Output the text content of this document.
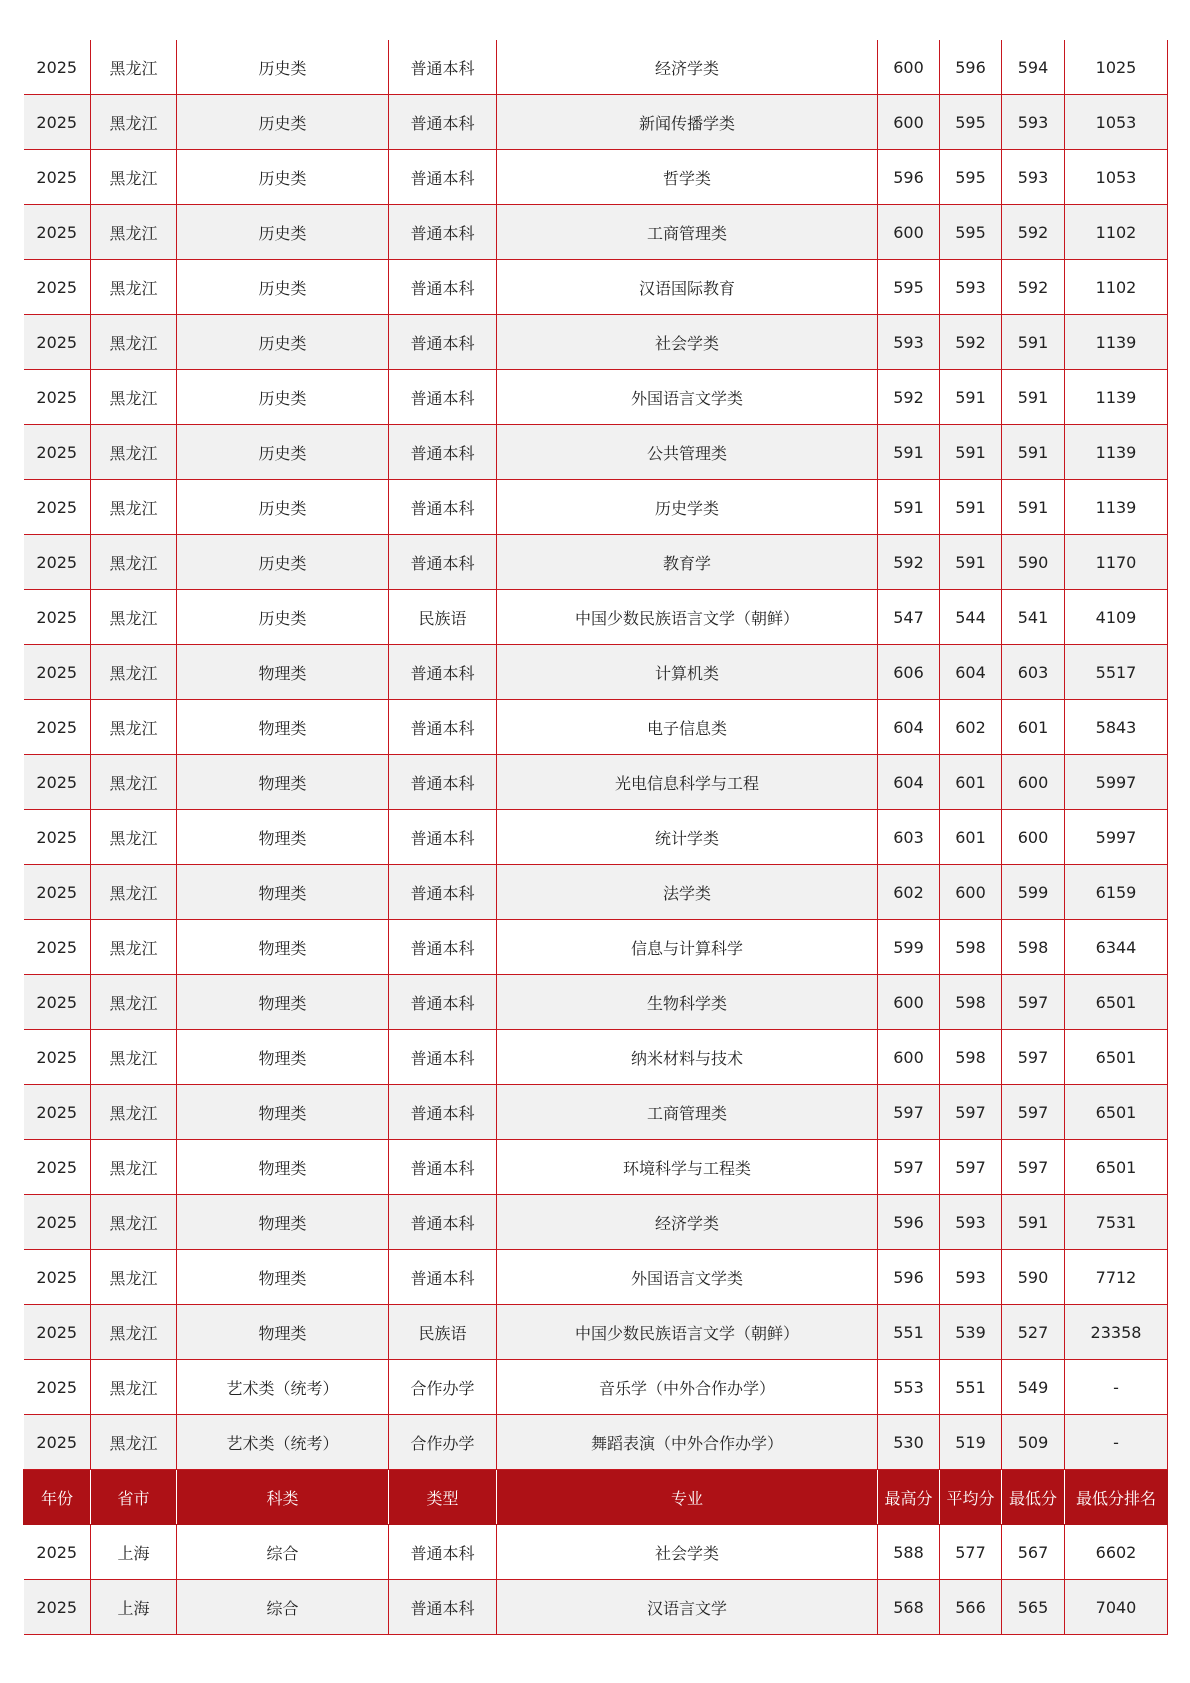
2025	黑龙江	历史类	普通本科	经济学类	600	596	594	1025
2025	黑龙江	历史类	普通本科	新闻传播学类	600	595	593	1053
2025	黑龙江	历史类	普通本科	哲学类	596	595	593	1053
2025	黑龙江	历史类	普通本科	工商管理类	600	595	592	1102
2025	黑龙江	历史类	普通本科	汉语国际教育	595	593	592	1102
2025	黑龙江	历史类	普通本科	社会学类	593	592	591	1139
2025	黑龙江	历史类	普通本科	外国语言文学类	592	591	591	1139
2025	黑龙江	历史类	普通本科	公共管理类	591	591	591	1139
2025	黑龙江	历史类	普通本科	历史学类	591	591	591	1139
2025	黑龙江	历史类	普通本科	教育学	592	591	590	1170
2025	黑龙江	历史类	民族语	中国少数民族语言文学（朝鲜）	547	544	541	4109
2025	黑龙江	物理类	普通本科	计算机类	606	604	603	5517
2025	黑龙江	物理类	普通本科	电子信息类	604	602	601	5843
2025	黑龙江	物理类	普通本科	光电信息科学与工程	604	601	600	5997
2025	黑龙江	物理类	普通本科	统计学类	603	601	600	5997
2025	黑龙江	物理类	普通本科	法学类	602	600	599	6159
2025	黑龙江	物理类	普通本科	信息与计算科学	599	598	598	6344
2025	黑龙江	物理类	普通本科	生物科学类	600	598	597	6501
2025	黑龙江	物理类	普通本科	纳米材料与技术	600	598	597	6501
2025	黑龙江	物理类	普通本科	工商管理类	597	597	597	6501
2025	黑龙江	物理类	普通本科	环境科学与工程类	597	597	597	6501
2025	黑龙江	物理类	普通本科	经济学类	596	593	591	7531
2025	黑龙江	物理类	普通本科	外国语言文学类	596	593	590	7712
2025	黑龙江	物理类	民族语	中国少数民族语言文学（朝鲜）	551	539	527	23358
2025	黑龙江	艺术类（统考）	合作办学	音乐学（中外合作办学）	553	551	549	-
2025	黑龙江	艺术类（统考）	合作办学	舞蹈表演（中外合作办学）	530	519	509	-
年份	省市	科类	类型	专业	最高分	平均分	最低分	最低分排名
2025	上海	综合	普通本科	社会学类	588	577	567	6602
2025	上海	综合	普通本科	汉语言文学	568	566	565	7040
